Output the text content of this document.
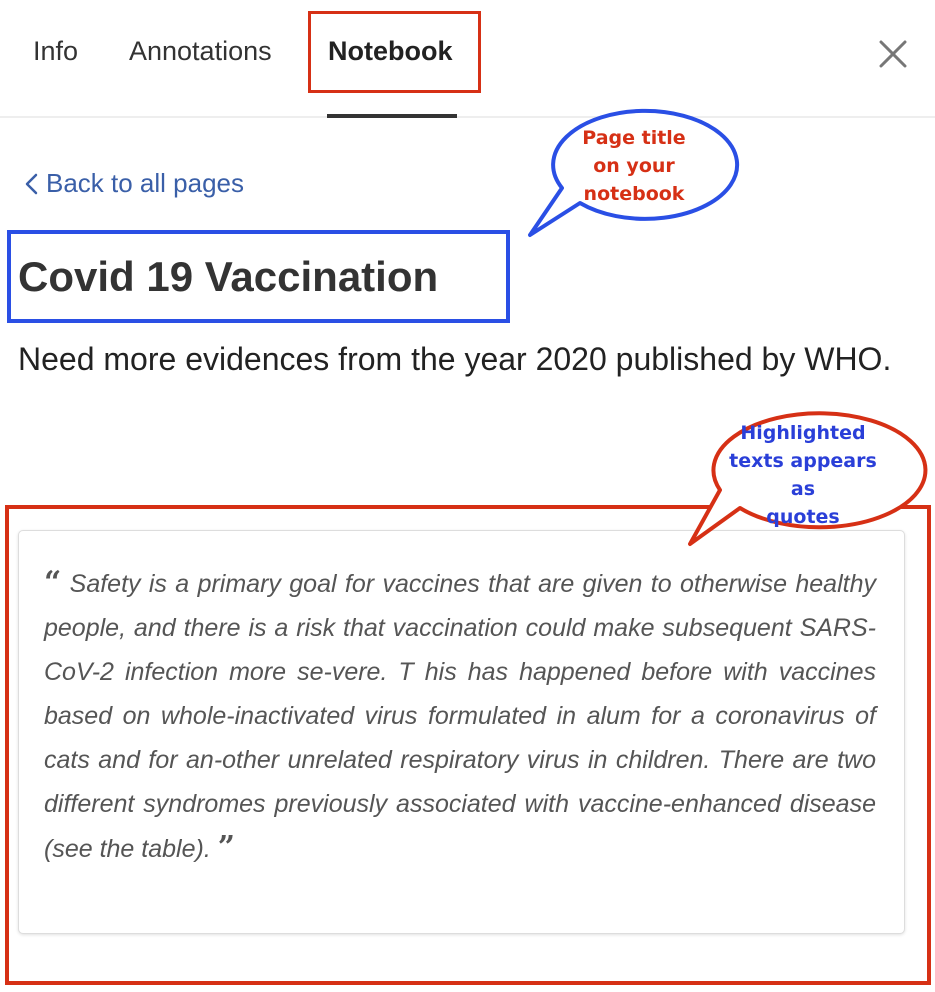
Info Annotations Notebook
Back to all pages
Covid 19 Vaccination

Need more evidences from the year 2020 published by WHO.

Page title
on your
notebook

“ Safety is a primary goal for vaccines that are given to otherwise healthy people, and there is a risk that vaccination could make subsequent SARS-CoV-2 infection more se-vere. T his has happened before with vaccines based on whole-inactivated virus formulated in alum for a coronavirus of cats and for an-other unrelated respiratory virus in children. There are two different syndromes previously associated with vaccine-enhanced disease (see the table). ”

Highlighted
texts appears as
quotes
